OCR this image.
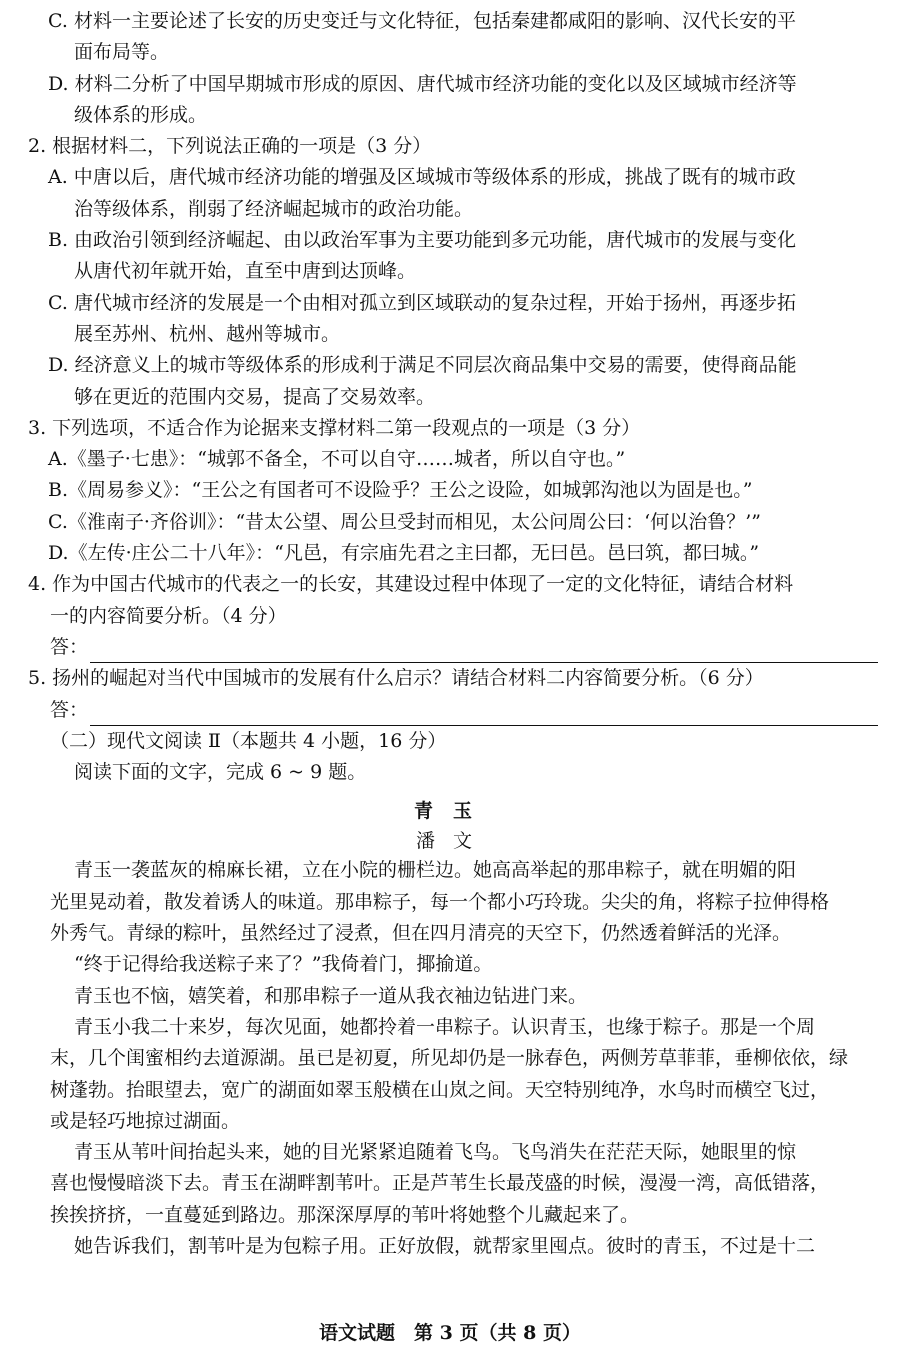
C. 材料一主要论述了长安的历史变迁与文化特征，包括秦建都咸阳的影响、汉代长安的平
面布局等。
D. 材料二分析了中国早期城市形成的原因、唐代城市经济功能的变化以及区域城市经济等
级体系的形成。
2. 根据材料二，下列说法正确的一项是（3 分）
A. 中唐以后，唐代城市经济功能的增强及区域城市等级体系的形成，挑战了既有的城市政
治等级体系，削弱了经济崛起城市的政治功能。
B. 由政治引领到经济崛起、由以政治军事为主要功能到多元功能，唐代城市的发展与变化
从唐代初年就开始，直至中唐到达顶峰。
C. 唐代城市经济的发展是一个由相对孤立到区域联动的复杂过程，开始于扬州，再逐步拓
展至苏州、杭州、越州等城市。
D. 经济意义上的城市等级体系的形成利于满足不同层次商品集中交易的需要，使得商品能
够在更近的范围内交易，提高了交易效率。
3. 下列选项，不适合作为论据来支撑材料二第一段观点的一项是（3 分）
A.《墨子·七患》：“城郭不备全，不可以自守……城者，所以自守也。”
B.《周易参义》：“王公之有国者可不设险乎？王公之设险，如城郭沟池以为固是也。”
C.《淮南子·齐俗训》：“昔太公望、周公旦受封而相见，太公问周公曰：‘何以治鲁？’”
D.《左传·庄公二十八年》：“凡邑，有宗庙先君之主曰都，无曰邑。邑曰筑，都曰城。”
4. 作为中国古代城市的代表之一的长安，其建设过程中体现了一定的文化特征，请结合材料
一的内容简要分析。（4 分）
答：
5. 扬州的崛起对当代中国城市的发展有什么启示？请结合材料二内容简要分析。（6 分）
答：
（二）现代文阅读 Ⅱ（本题共 4 小题，16 分）
阅读下面的文字，完成 6 ~ 9 题。
青玉
潘文
青玉一袭蓝灰的棉麻长裙，立在小院的栅栏边。她高高举起的那串粽子，就在明媚的阳
光里晃动着，散发着诱人的味道。那串粽子，每一个都小巧玲珑。尖尖的角，将粽子拉伸得格
外秀气。青绿的粽叶，虽然经过了浸煮，但在四月清亮的天空下，仍然透着鲜活的光泽。
“终于记得给我送粽子来了？”我倚着门，揶揄道。
青玉也不恼，嬉笑着，和那串粽子一道从我衣袖边钻进门来。
青玉小我二十来岁，每次见面，她都拎着一串粽子。认识青玉，也缘于粽子。那是一个周
末，几个闺蜜相约去道源湖。虽已是初夏，所见却仍是一脉春色，两侧芳草菲菲，垂柳依依，绿
树蓬勃。抬眼望去，宽广的湖面如翠玉般横在山岚之间。天空特别纯净，水鸟时而横空飞过，
或是轻巧地掠过湖面。
青玉从苇叶间抬起头来，她的目光紧紧追随着飞鸟。飞鸟消失在茫茫天际，她眼里的惊
喜也慢慢暗淡下去。青玉在湖畔割苇叶。正是芦苇生长最茂盛的时候，漫漫一湾，高低错落，
挨挨挤挤，一直蔓延到路边。那深深厚厚的苇叶将她整个儿藏起来了。
她告诉我们，割苇叶是为包粽子用。正好放假，就帮家里囤点。彼时的青玉，不过是十二
语文试题　第 3 页（共 8 页）
